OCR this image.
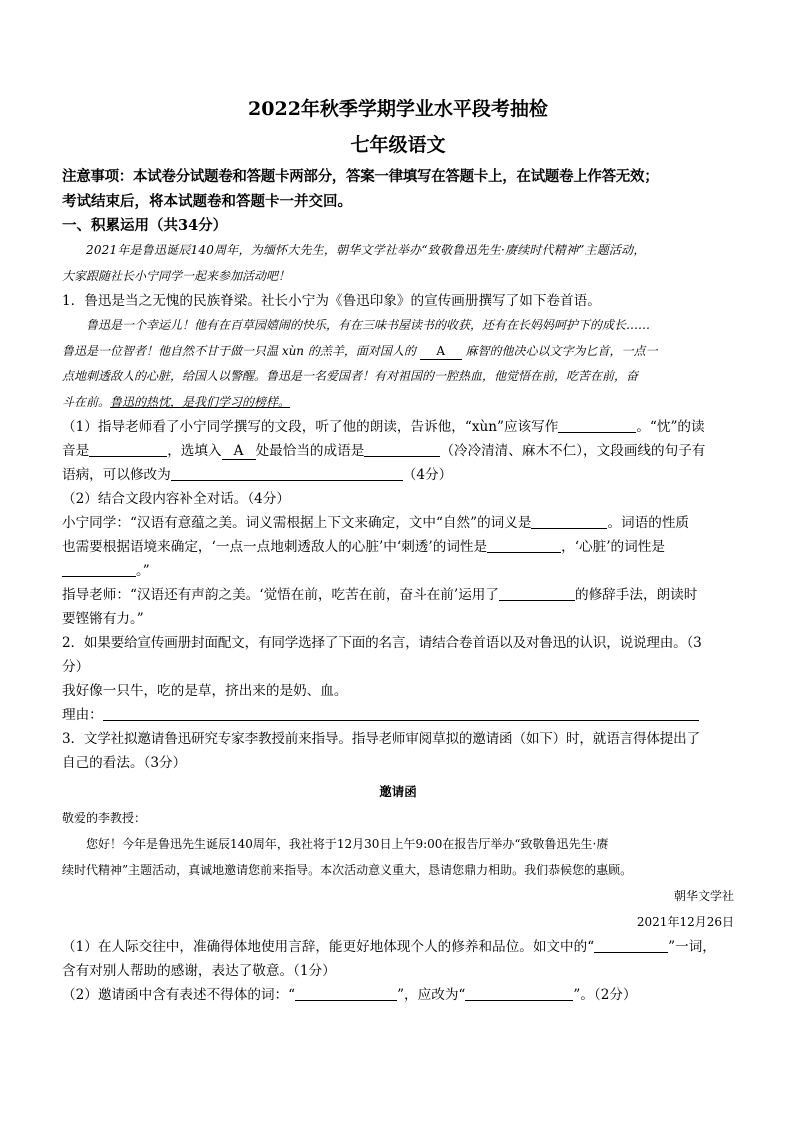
2022年秋季学期学业水平段考抽检
七年级语文
注意事项：本试卷分试题卷和答题卡两部分，答案一律填写在答题卡上，在试题卷上作答无效；
考试结束后，将本试题卷和答题卡一并交回。
一、积累运用（共34分）
2021年是鲁迅诞辰140周年，为缅怀大先生，朝华文学社举办“致敬鲁迅先生·赓续时代精神”主题活动，
大家跟随社长小宁同学一起来参加活动吧！
1．鲁迅是当之无愧的民族脊梁。社长小宁为《鲁迅印象》的宣传画册撰写了如下卷首语。
鲁迅是一个幸运儿！他有在百草园嬉闹的快乐，有在三味书屋读书的收获，还有在长妈妈呵护下的成长……
鲁迅是一位智者！他自然不甘于做一只温 xùn 的羔羊，面对国人的 A 麻智的他决心以文字为匕首，一点一
点地刺透敌人的心脏，给国人以警醒。鲁迅是一名爱国者！有对祖国的一腔热血，他觉悟在前，吃苦在前，奋
斗在前。鲁迅的热忱，是我们学习的榜样。
（1）指导老师看了小宁同学撰写的文段，听了他的朗读，告诉他，“xùn”应该写作	。“忱”的读
音是	，选填入 A 处最恰当的成语是	（冷冷清清、麻木不仁），文段画线的句子有
语病，可以修改为	（4分）
（2）结合文段内容补全对话。（4分）
小宁同学：“汉语有意蕴之美。词义需根据上下文来确定，文中“自然”的词义是	。词语的性质
也需要根据语境来确定，‘一点一点地刺透敌人的心脏’中‘刺透’的词性是	，‘心脏’的词性是
。”
指导老师：“汉语还有声韵之美。‘觉悟在前，吃苦在前，奋斗在前’运用了	的修辞手法，朗读时
要铿锵有力。”
2．如果要给宣传画册封面配文，有同学选择了下面的名言，请结合卷首语以及对鲁迅的认识，说说理由。（3
分）
我好像一只牛，吃的是草，挤出来的是奶、血。
理由：
3．文学社拟邀请鲁迅研究专家李教授前来指导。指导老师审阅草拟的邀请函（如下）时，就语言得体提出了
自己的看法。（3分）
邀请函
敬爱的李教授：
您好！今年是鲁迅先生诞辰140周年，我社将于12月30日上午9:00在报告厅举办“致敬鲁迅先生·赓
续时代精神”主题活动，真诚地邀请您前来指导。本次活动意义重大，恳请您鼎力相助。我们恭候您的惠顾。
朝华文学社
2021年12月26日
（1）在人际交往中，准确得体地使用言辞，能更好地体现个人的修养和品位。如文中的“	”一词，
含有对别人帮助的感谢，表达了敬意。（1分）
（2）邀请函中含有表述不得体的词：“	”，应改为“	”。（2分）
